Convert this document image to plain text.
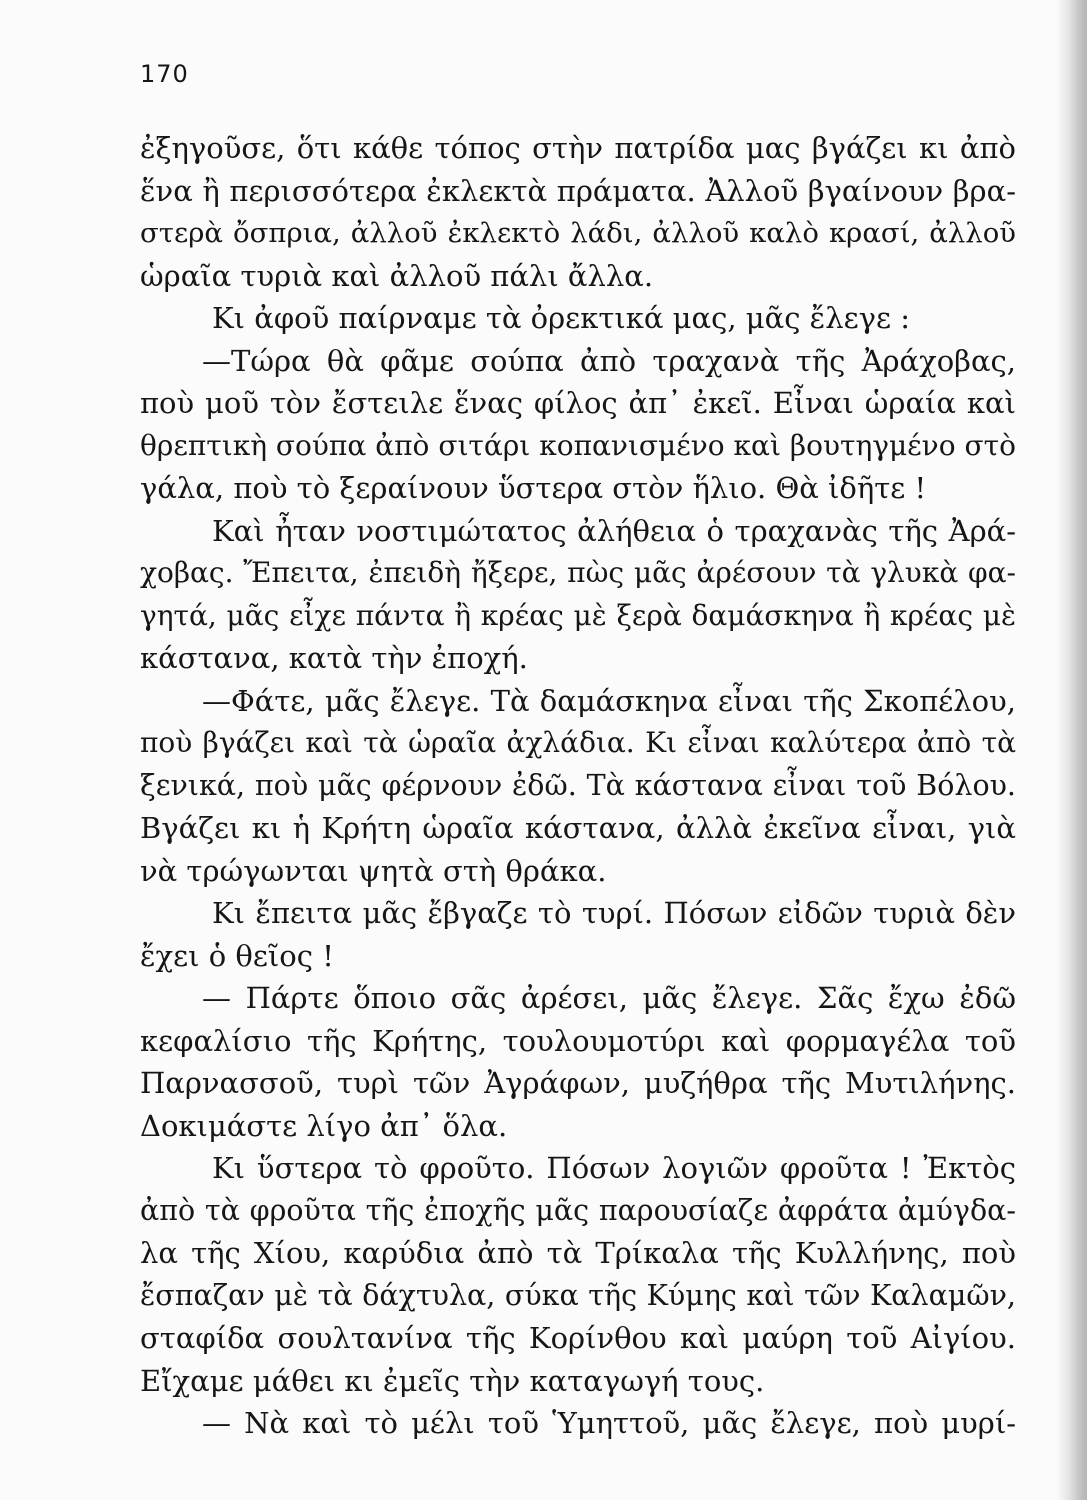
170
ἐξηγοῦσε, ὅτι κάθε τόπος στὴν πατρίδα μας βγάζει κι ἀπὸ
ἕνα ἢ περισσότερα ἐκλεκτὰ πράματα. Ἀλλοῦ βγαίνουν βρα-
στερὰ ὄσπρια, ἀλλοῦ ἐκλεκτὸ λάδι, ἀλλοῦ καλὸ κρασί, ἀλλοῦ
ὡραῖα τυριὰ καὶ ἀλλοῦ πάλι ἄλλα.
Κι ἀφοῦ παίρναμε τὰ ὀρεκτικά μας, μᾶς ἔλεγε :
—Τώρα θὰ φᾶμε σούπα ἀπὸ τραχανὰ τῆς Ἀράχοβας,
ποὺ μοῦ τὸν ἔστειλε ἕνας φίλος ἀπ᾿ ἐκεῖ. Εἶναι ὡραία καὶ
θρεπτικὴ σούπα ἀπὸ σιτάρι κοπανισμένο καὶ βουτηγμένο στὸ
γάλα, ποὺ τὸ ξεραίνουν ὕστερα στὸν ἥλιο. Θὰ ἰδῆτε !
Καὶ ἦταν νοστιμώτατος ἀλήθεια ὁ τραχανὰς τῆς Ἀρά-
χοβας. Ἔπειτα, ἐπειδὴ ἤξερε, πὼς μᾶς ἀρέσουν τὰ γλυκὰ φα-
γητά, μᾶς εἶχε πάντα ἢ κρέας μὲ ξερὰ δαμάσκηνα ἢ κρέας μὲ
κάστανα, κατὰ τὴν ἐποχή.
—Φάτε, μᾶς ἔλεγε. Τὰ δαμάσκηνα εἶναι τῆς Σκοπέλου,
ποὺ βγάζει καὶ τὰ ὡραῖα ἀχλάδια. Κι εἶναι καλύτερα ἀπὸ τὰ
ξενικά, ποὺ μᾶς φέρνουν ἐδῶ. Τὰ κάστανα εἶναι τοῦ Βόλου.
Βγάζει κι ἡ Κρήτη ὡραῖα κάστανα, ἀλλὰ ἐκεῖνα εἶναι, γιὰ
νὰ τρώγωνται ψητὰ στὴ θράκα.
Κι ἔπειτα μᾶς ἔβγαζε τὸ τυρί. Πόσων εἰδῶν τυριὰ δὲν
ἔχει ὁ θεῖος !
— Πάρτε ὅποιο σᾶς ἀρέσει, μᾶς ἔλεγε. Σᾶς ἔχω ἐδῶ
κεφαλίσιο τῆς Κρήτης, τουλουμοτύρι καὶ φορμαγέλα τοῦ
Παρνασσοῦ, τυρὶ τῶν Ἀγράφων, μυζήθρα τῆς Μυτιλήνης.
Δοκιμάστε λίγο ἀπ᾿ ὅλα.
Κι ὕστερα τὸ φροῦτο. Πόσων λογιῶν φροῦτα ! Ἐκτὸς
ἀπὸ τὰ φροῦτα τῆς ἐποχῆς μᾶς παρουσίαζε ἀφράτα ἀμύγδα-
λα τῆς Χίου, καρύδια ἀπὸ τὰ Τρίκαλα τῆς Κυλλήνης, ποὺ
ἔσπαζαν μὲ τὰ δάχτυλα, σύκα τῆς Κύμης καὶ τῶν Καλαμῶν,
σταφίδα σουλτανίνα τῆς Κορίνθου καὶ μαύρη τοῦ Αἰγίου.
Εἴχαμε μάθει κι ἐμεῖς τὴν καταγωγή τους.
— Νὰ καὶ τὸ μέλι τοῦ Ὑμηττοῦ, μᾶς ἔλεγε, ποὺ μυρί-
